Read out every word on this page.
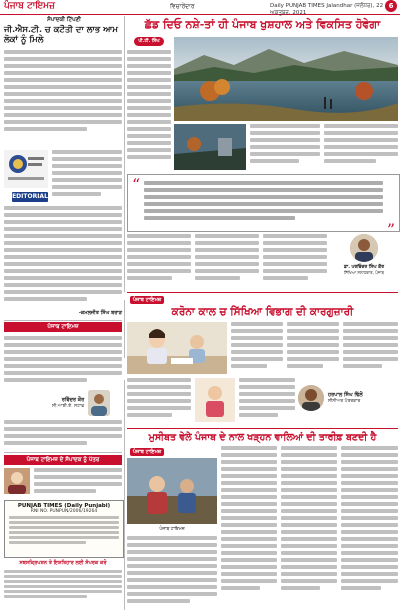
ਪੰਜਾਬ ਟਾਇਮਜ਼	ਵਿਚਾਰੇਂਦਾਰ	Daily PUNJAB TIMES Jalandhar (ਜਲੰਧਰ), 22 ਅਕਤੂਬਰ, 2021
6
ਸੰਪਾਦਕੀ ਟਿੱਪਣੀ
ਜੀ.ਐਸ.ਟੀ. ਚ ਕਟੌਤੀ ਦਾ ਲਾਭ ਆਮ ਲੋਕਾਂ ਨੂੰ ਮਿਲੇ
EDITORIAL
-ਕਮਲਜੀਤ ਸਿੰਘ ਬਰਾੜ
ਪੰਜਾਬ ਟਾਇਮਜ਼
ਰਵਿੰਦਰ ਕੌਰ
ਸੀ.ਆਈ.ਏ. ਸਟਾਫ
ਪੰਜਾਬ ਟਾਇਮਜ਼ ਦੇ ਸੰਪਾਦਕ ਨੂੰ ਪੱਤਰ
PUNJAB TIMES (Daily Punjabi)
RNI NO. PUNPUN/2006/19264
ਸਬਸਕ੍ਰਿਪਸ਼ਨ ਤੇ ਇਸ਼ਤਿਹਾਰ ਲਈ ਸੰਪਰਕ ਕਰੋ
ਛੱਡ ਦਿਓ ਨਸ਼ੇ-ਤਾਂ ਹੀ ਪੰਜਾਬ ਖੁਸ਼ਹਾਲ ਅਤੇ ਵਿਕਸਿਤ ਹੋਵੇਗਾ
ਪੀ.ਟੀ. ਸਿੰਘ
“
”
ਡਾ. ਪਰਵਿੰਦਰ ਸਿੰਘ ਕੌਰ
ਸਿੱਖਿਆ ਸਲਾਹਕਾਰ, ਪੰਜਾਬ
ਪੰਜਾਬ ਟਾਇਮਜ਼
ਕਰੋਨਾ ਕਾਲ ਚ ਸਿੱਖਿਆ ਵਿਭਾਗ ਦੀ ਕਾਰਗੁਜ਼ਾਰੀ
ਹਰਪਾਲ ਸਿੰਘ ਢਿੱਲੋਂ
ਸੀਨੀਅਰ ਪੱਤਰਕਾਰ
ਮੁਸੀਬਤ ਵੇਲੇ ਪੰਜਾਬ ਦੇ ਨਾਲ ਖੜ੍ਹਨ ਵਾਲਿਆਂ ਦੀ ਤਾਰੀਫ਼ ਬਣਦੀ ਹੈ
ਪੰਜਾਬ ਟਾਇਮਜ਼
ਪੰਜਾਬ ਟਾਇਮਜ਼
